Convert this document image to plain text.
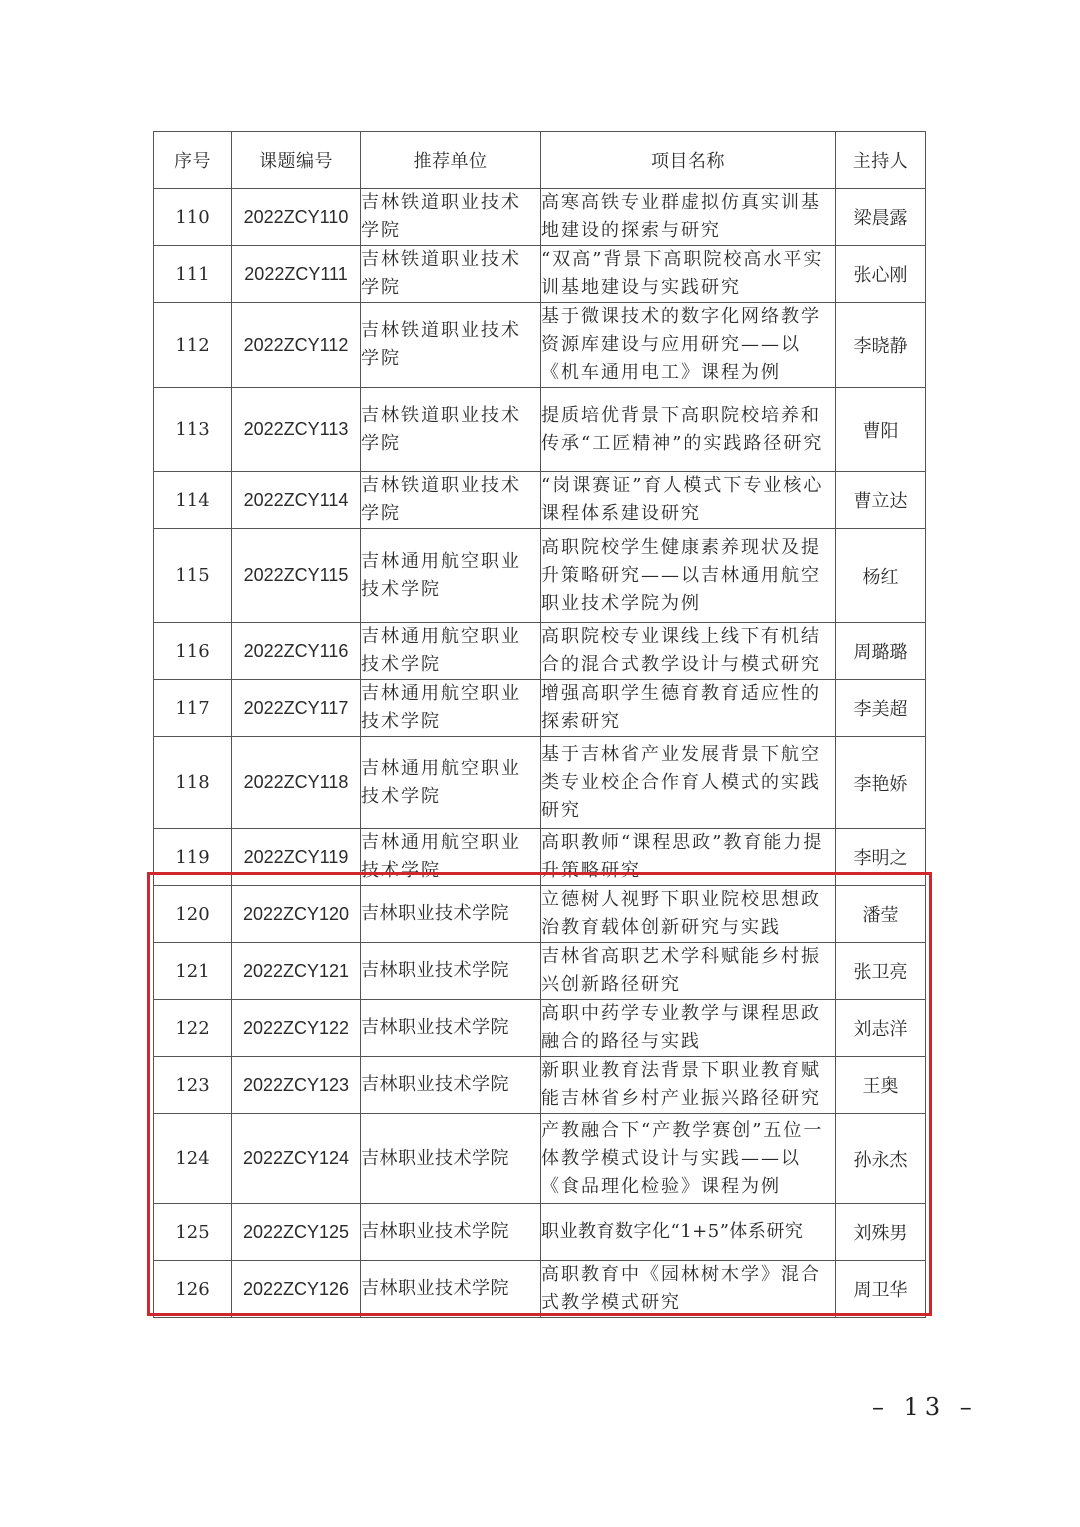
序号	课题编号	推荐单位	项目名称	主持人
110	2022ZCY110	吉林铁道职业技术学院	高寒高铁专业群虚拟仿真实训基地建设的探索与研究	梁晨露
111	2022ZCY111	吉林铁道职业技术学院	“双高”背景下高职院校高水平实训基地建设与实践研究	张心刚
112	2022ZCY112	吉林铁道职业技术学院	基于微课技术的数字化网络教学资源库建设与应用研究——以《机车通用电工》课程为例	李晓静
113	2022ZCY113	吉林铁道职业技术学院	提质培优背景下高职院校培养和传承“工匠精神”的实践路径研究	曹阳
114	2022ZCY114	吉林铁道职业技术学院	“岗课赛证”育人模式下专业核心课程体系建设研究	曹立达
115	2022ZCY115	吉林通用航空职业技术学院	高职院校学生健康素养现状及提升策略研究——以吉林通用航空职业技术学院为例	杨红
116	2022ZCY116	吉林通用航空职业技术学院	高职院校专业课线上线下有机结合的混合式教学设计与模式研究	周璐璐
117	2022ZCY117	吉林通用航空职业技术学院	增强高职学生德育教育适应性的探索研究	李美超
118	2022ZCY118	吉林通用航空职业技术学院	基于吉林省产业发展背景下航空类专业校企合作育人模式的实践研究	李艳娇
119	2022ZCY119	吉林通用航空职业技术学院	高职教师“课程思政”教育能力提升策略研究	李明之
120	2022ZCY120	吉林职业技术学院	立德树人视野下职业院校思想政治教育载体创新研究与实践	潘莹
121	2022ZCY121	吉林职业技术学院	吉林省高职艺术学科赋能乡村振兴创新路径研究	张卫亮
122	2022ZCY122	吉林职业技术学院	高职中药学专业教学与课程思政融合的路径与实践	刘志洋
123	2022ZCY123	吉林职业技术学院	新职业教育法背景下职业教育赋能吉林省乡村产业振兴路径研究	王奥
124	2022ZCY124	吉林职业技术学院	产教融合下“产教学赛创”五位一体教学模式设计与实践——以《食品理化检验》课程为例	孙永杰
125	2022ZCY125	吉林职业技术学院	职业教育数字化“1+5”体系研究	刘殊男
126	2022ZCY126	吉林职业技术学院	高职教育中《园林树木学》混合式教学模式研究	周卫华
– 13 –
